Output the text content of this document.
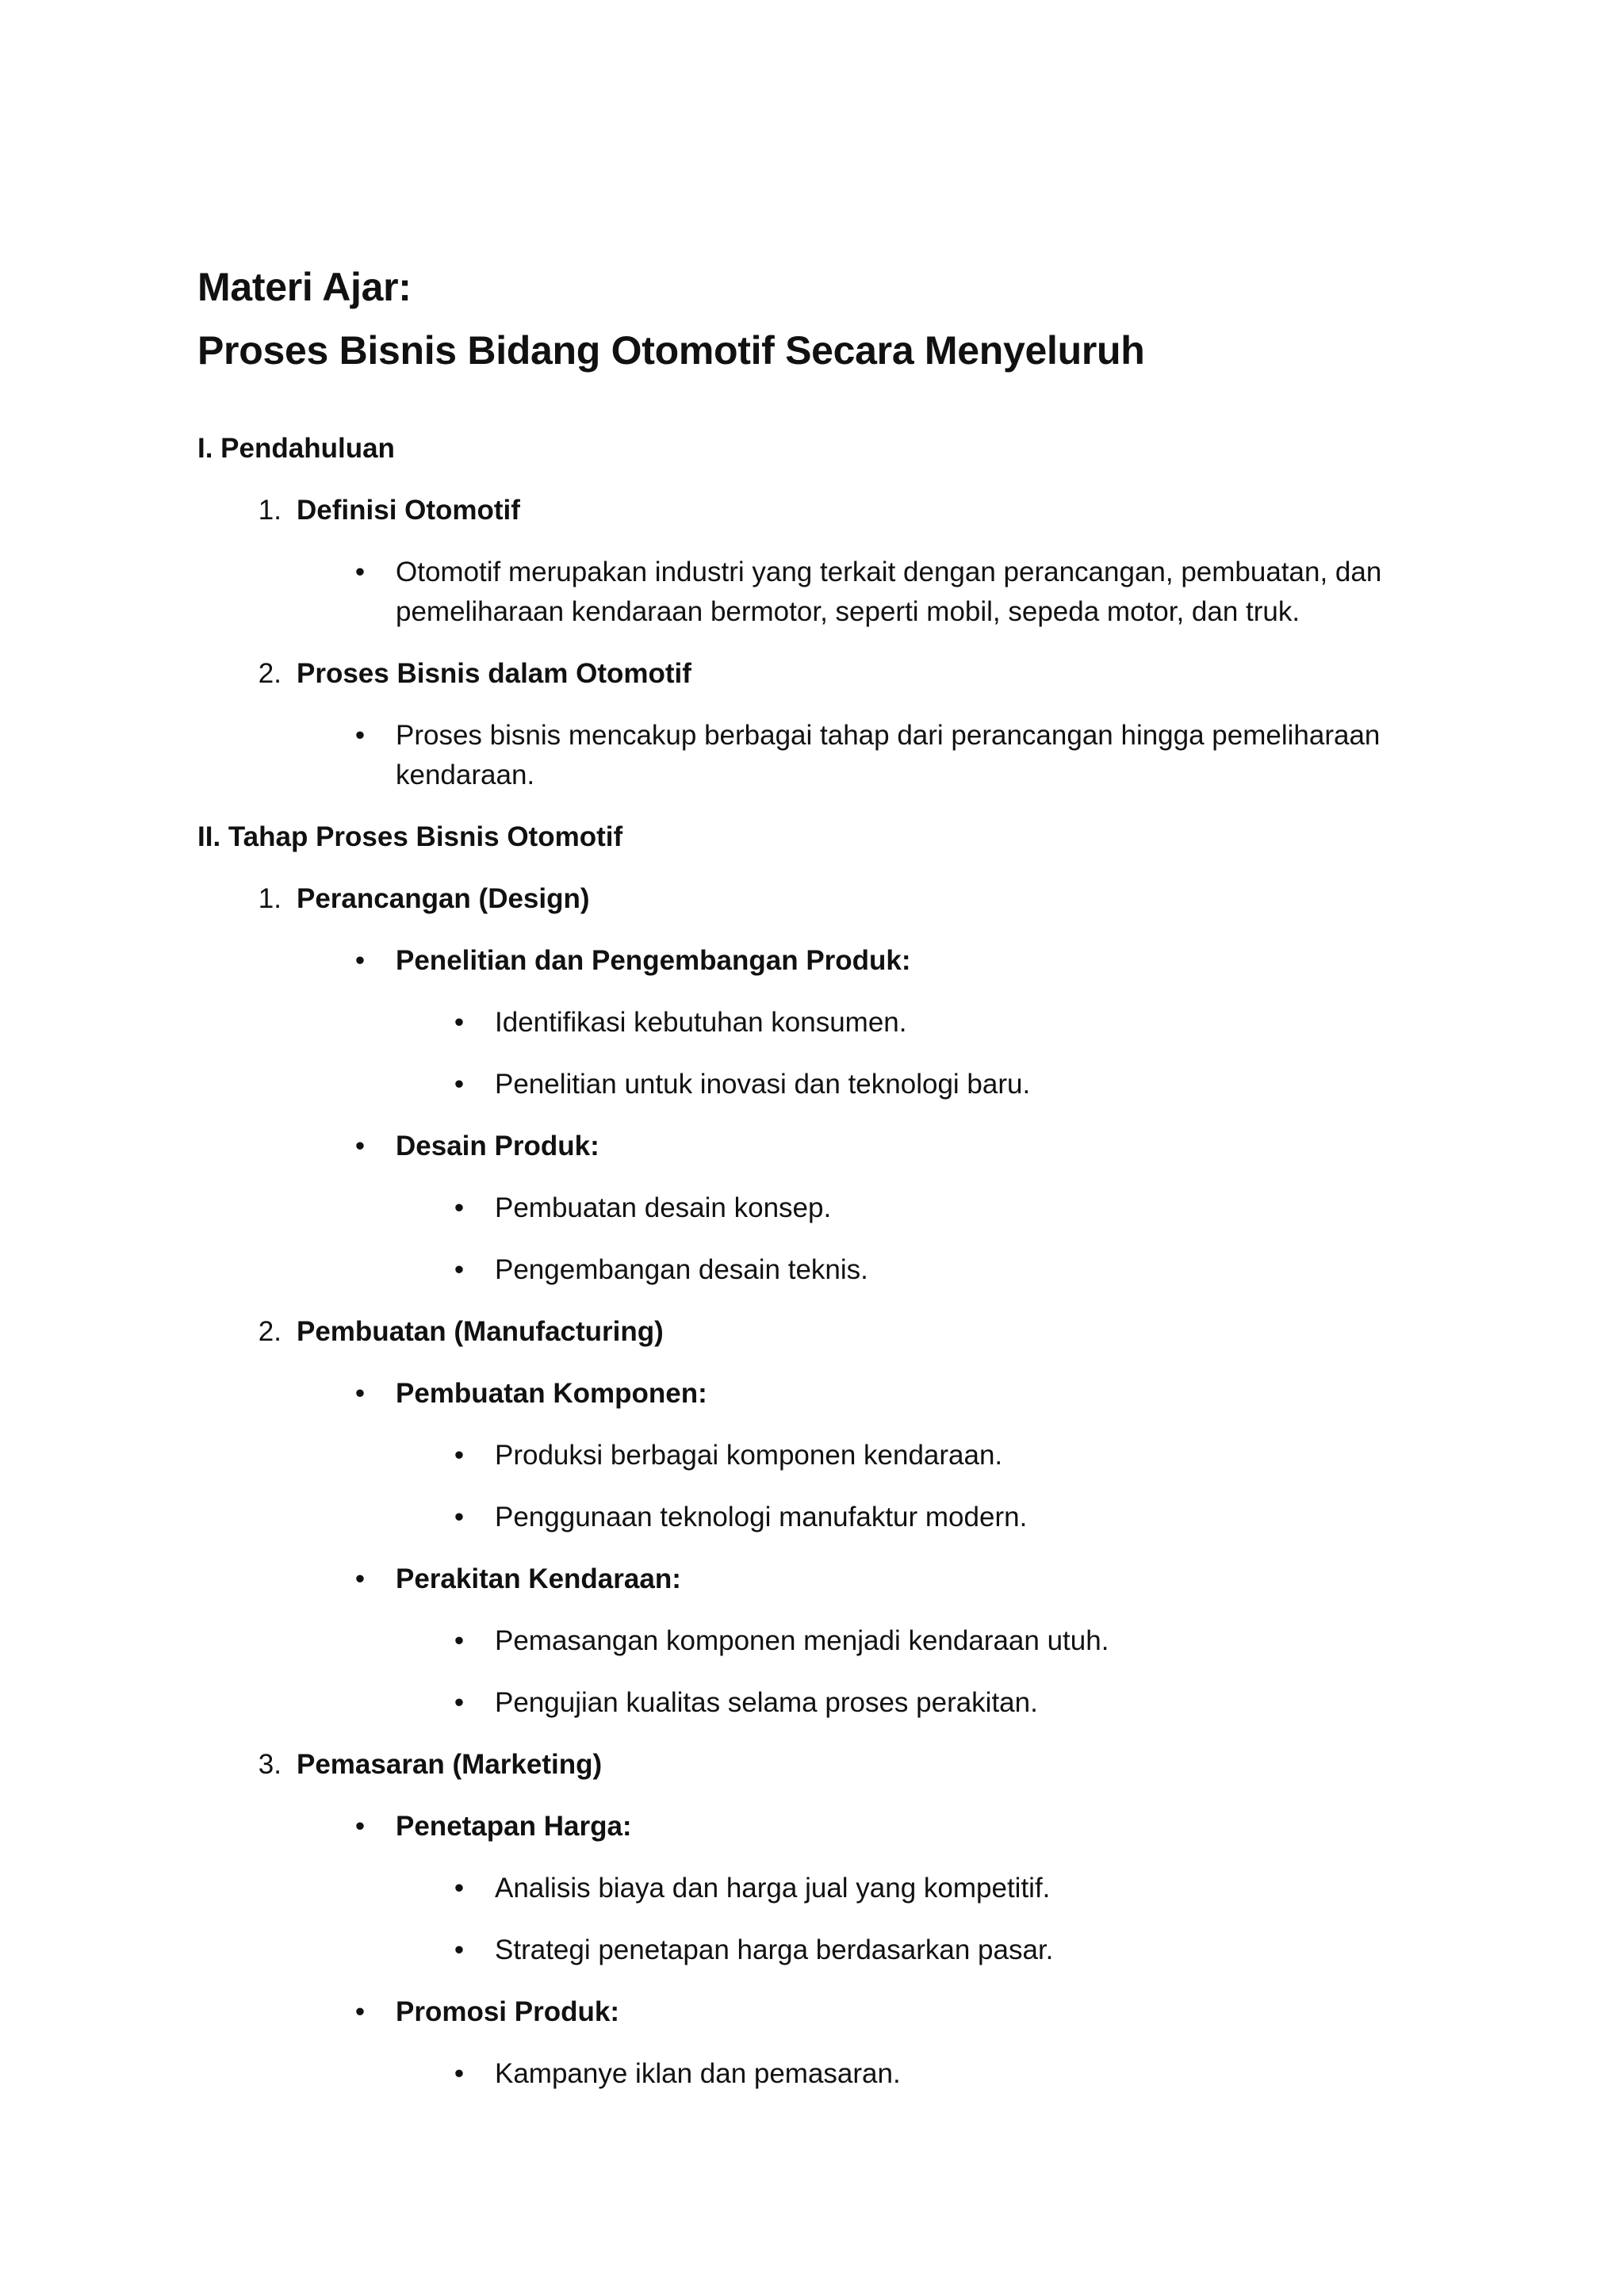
Materi Ajar:
Proses Bisnis Bidang Otomotif Secara Menyeluruh
I. Pendahuluan
1. Definisi Otomotif
•	Otomotif merupakan industri yang terkait dengan perancangan, pembuatan, dan pemeliharaan kendaraan bermotor, seperti mobil, sepeda motor, dan truk.
2. Proses Bisnis dalam Otomotif
•	Proses bisnis mencakup berbagai tahap dari perancangan hingga pemeliharaan kendaraan.
II. Tahap Proses Bisnis Otomotif
1. Perancangan (Design)
•	Penelitian dan Pengembangan Produk:
•	Identifikasi kebutuhan konsumen.
•	Penelitian untuk inovasi dan teknologi baru.
•	Desain Produk:
•	Pembuatan desain konsep.
•	Pengembangan desain teknis.
2. Pembuatan (Manufacturing)
•	Pembuatan Komponen:
•	Produksi berbagai komponen kendaraan.
•	Penggunaan teknologi manufaktur modern.
•	Perakitan Kendaraan:
•	Pemasangan komponen menjadi kendaraan utuh.
•	Pengujian kualitas selama proses perakitan.
3. Pemasaran (Marketing)
•	Penetapan Harga:
•	Analisis biaya dan harga jual yang kompetitif.
•	Strategi penetapan harga berdasarkan pasar.
•	Promosi Produk:
•	Kampanye iklan dan pemasaran.
